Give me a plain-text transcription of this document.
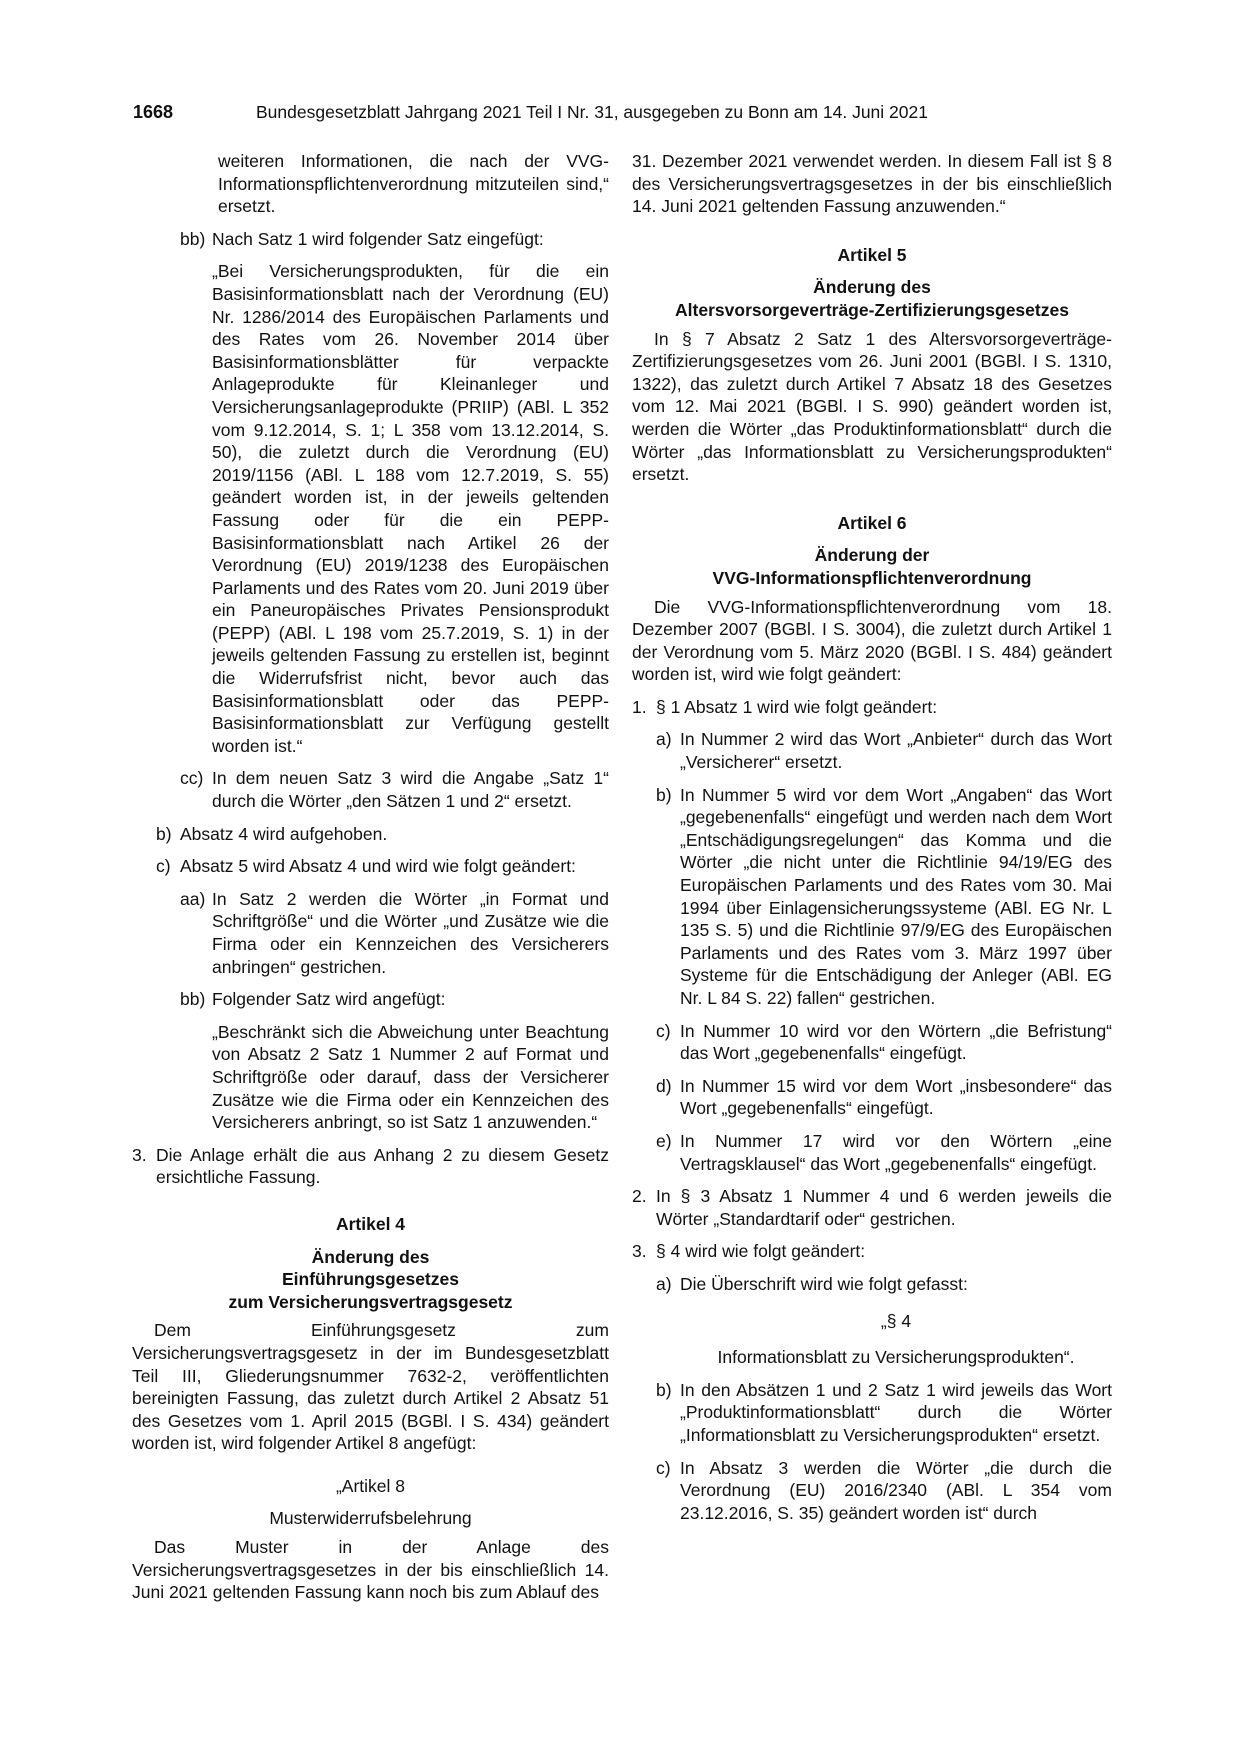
1668	Bundesgesetzblatt Jahrgang 2021 Teil I Nr. 31, ausgegeben zu Bonn am 14. Juni 2021

weiteren Informationen, die nach der VVG-Informationspflichtenverordnung mitzuteilen sind,“ ersetzt.

bb) Nach Satz 1 wird folgender Satz eingefügt:

„Bei Versicherungsprodukten, für die ein Basisinformationsblatt nach der Verordnung (EU) Nr. 1286/2014 des Europäischen Parlaments und des Rates vom 26. November 2014 über Basisinformationsblätter für verpackte Anlageprodukte für Kleinanleger und Versicherungsanlageprodukte (PRIIP) (ABl. L 352 vom 9.12.2014, S. 1; L 358 vom 13.12.2014, S. 50), die zuletzt durch die Verordnung (EU) 2019/1156 (ABl. L 188 vom 12.7.2019, S. 55) geändert worden ist, in der jeweils geltenden Fassung oder für die ein PEPP-Basisinformationsblatt nach Artikel 26 der Verordnung (EU) 2019/1238 des Europäischen Parlaments und des Rates vom 20. Juni 2019 über ein Paneuropäisches Privates Pensionsprodukt (PEPP) (ABl. L 198 vom 25.7.2019, S. 1) in der jeweils geltenden Fassung zu erstellen ist, beginnt die Widerrufsfrist nicht, bevor auch das Basisinformationsblatt oder das PEPP-Basisinformationsblatt zur Verfügung gestellt worden ist.“

cc) In dem neuen Satz 3 wird die Angabe „Satz 1“ durch die Wörter „den Sätzen 1 und 2“ ersetzt.
b) Absatz 4 wird aufgehoben.
c) Absatz 5 wird Absatz 4 und wird wie folgt geändert:
aa) In Satz 2 werden die Wörter „in Format und Schriftgröße“ und die Wörter „und Zusätze wie die Firma oder ein Kennzeichen des Versicherers anbringen“ gestrichen.
bb) Folgender Satz wird angefügt:

„Beschränkt sich die Abweichung unter Beachtung von Absatz 2 Satz 1 Nummer 2 auf Format und Schriftgröße oder darauf, dass der Versicherer Zusätze wie die Firma oder ein Kennzeichen des Versicherers anbringt, so ist Satz 1 anzuwenden.“

3. Die Anlage erhält die aus Anhang 2 zu diesem Gesetz ersichtliche Fassung.

Artikel 4

Änderung des

Einführungsgesetzes

zum Versicherungsvertragsgesetz

Dem Einführungsgesetz zum Versicherungsvertragsgesetz in der im Bundesgesetzblatt Teil III, Gliederungsnummer 7632-2, veröffentlichten bereinigten Fassung, das zuletzt durch Artikel 2 Absatz 51 des Gesetzes vom 1. April 2015 (BGBl. I S. 434) geändert worden ist, wird folgender Artikel 8 angefügt:

„Artikel 8

Musterwiderrufsbelehrung

Das Muster in der Anlage des Versicherungsvertragsgesetzes in der bis einschließlich 14. Juni 2021 geltenden Fassung kann noch bis zum Ablauf des

31. Dezember 2021 verwendet werden. In diesem Fall ist § 8 des Versicherungsvertragsgesetzes in der bis einschließlich 14. Juni 2021 geltenden Fassung anzuwenden.“

Artikel 5

Änderung des

Altersvorsorgeverträge-Zertifizierungsgesetzes

In § 7 Absatz 2 Satz 1 des Altersvorsorgeverträge-Zertifizierungsgesetzes vom 26. Juni 2001 (BGBl. I S. 1310, 1322), das zuletzt durch Artikel 7 Absatz 18 des Gesetzes vom 12. Mai 2021 (BGBl. I S. 990) geändert worden ist, werden die Wörter „das Produktinformationsblatt“ durch die Wörter „das Informationsblatt zu Versicherungsprodukten“ ersetzt.

Artikel 6

Änderung der

VVG-Informationspflichtenverordnung

Die VVG-Informationspflichtenverordnung vom 18. Dezember 2007 (BGBl. I S. 3004), die zuletzt durch Artikel 1 der Verordnung vom 5. März 2020 (BGBl. I S. 484) geändert worden ist, wird wie folgt geändert:

1. § 1 Absatz 1 wird wie folgt geändert:
a) In Nummer 2 wird das Wort „Anbieter“ durch das Wort „Versicherer“ ersetzt.
b) In Nummer 5 wird vor dem Wort „Angaben“ das Wort „gegebenenfalls“ eingefügt und werden nach dem Wort „Entschädigungsregelungen“ das Komma und die Wörter „die nicht unter die Richtlinie 94/19/EG des Europäischen Parlaments und des Rates vom 30. Mai 1994 über Einlagensicherungssysteme (ABl. EG Nr. L 135 S. 5) und die Richtlinie 97/9/EG des Europäischen Parlaments und des Rates vom 3. März 1997 über Systeme für die Entschädigung der Anleger (ABl. EG Nr. L 84 S. 22) fallen“ gestrichen.
c) In Nummer 10 wird vor den Wörtern „die Befristung“ das Wort „gegebenenfalls“ eingefügt.
d) In Nummer 15 wird vor dem Wort „insbesondere“ das Wort „gegebenenfalls“ eingefügt.
e) In Nummer 17 wird vor den Wörtern „eine Vertragsklausel“ das Wort „gegebenenfalls“ eingefügt.
2. In § 3 Absatz 1 Nummer 4 und 6 werden jeweils die Wörter „Standardtarif oder“ gestrichen.
3. § 4 wird wie folgt geändert:
a) Die Überschrift wird wie folgt gefasst:

„§ 4

Informationsblatt zu Versicherungsprodukten“.

b) In den Absätzen 1 und 2 Satz 1 wird jeweils das Wort „Produktinformationsblatt“ durch die Wörter „Informationsblatt zu Versicherungsprodukten“ ersetzt.
c) In Absatz 3 werden die Wörter „die durch die Verordnung (EU) 2016/2340 (ABl. L 354 vom 23.12.2016, S. 35) geändert worden ist“ durch
